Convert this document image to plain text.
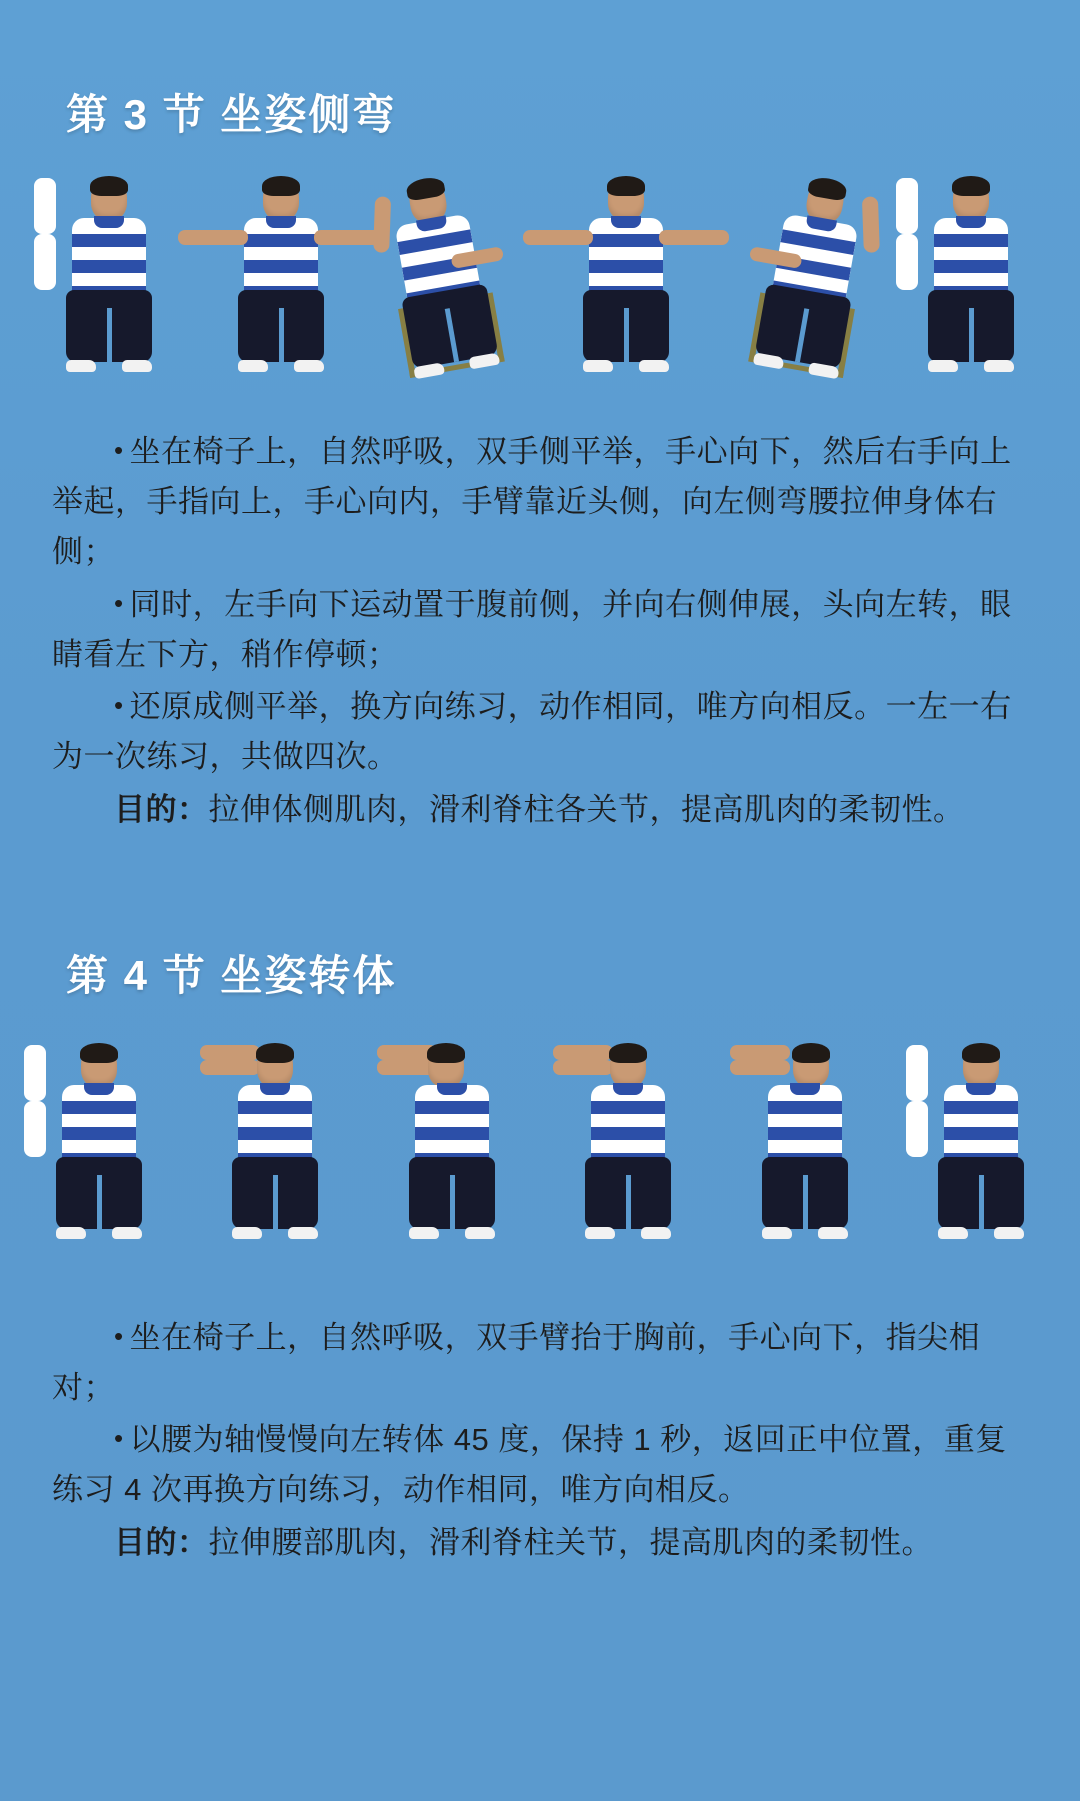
第 3 节 坐姿侧弯

• 坐在椅子上，自然呼吸，双手侧平举，手心向下，然后右手向上举起，手指向上，手心向内，手臂靠近头侧，向左侧弯腰拉伸身体右侧；

• 同时，左手向下运动置于腹前侧，并向右侧伸展，头向左转，眼睛看左下方，稍作停顿；

• 还原成侧平举，换方向练习，动作相同，唯方向相反。一左一右为一次练习，共做四次。

目的：拉伸体侧肌肉，滑利脊柱各关节，提高肌肉的柔韧性。

第 4 节 坐姿转体

• 坐在椅子上，自然呼吸，双手臂抬于胸前，手心向下，指尖相对；

• 以腰为轴慢慢向左转体 45 度，保持 1 秒，返回正中位置，重复练习 4 次再换方向练习，动作相同，唯方向相反。

目的：拉伸腰部肌肉，滑利脊柱关节，提高肌肉的柔韧性。
